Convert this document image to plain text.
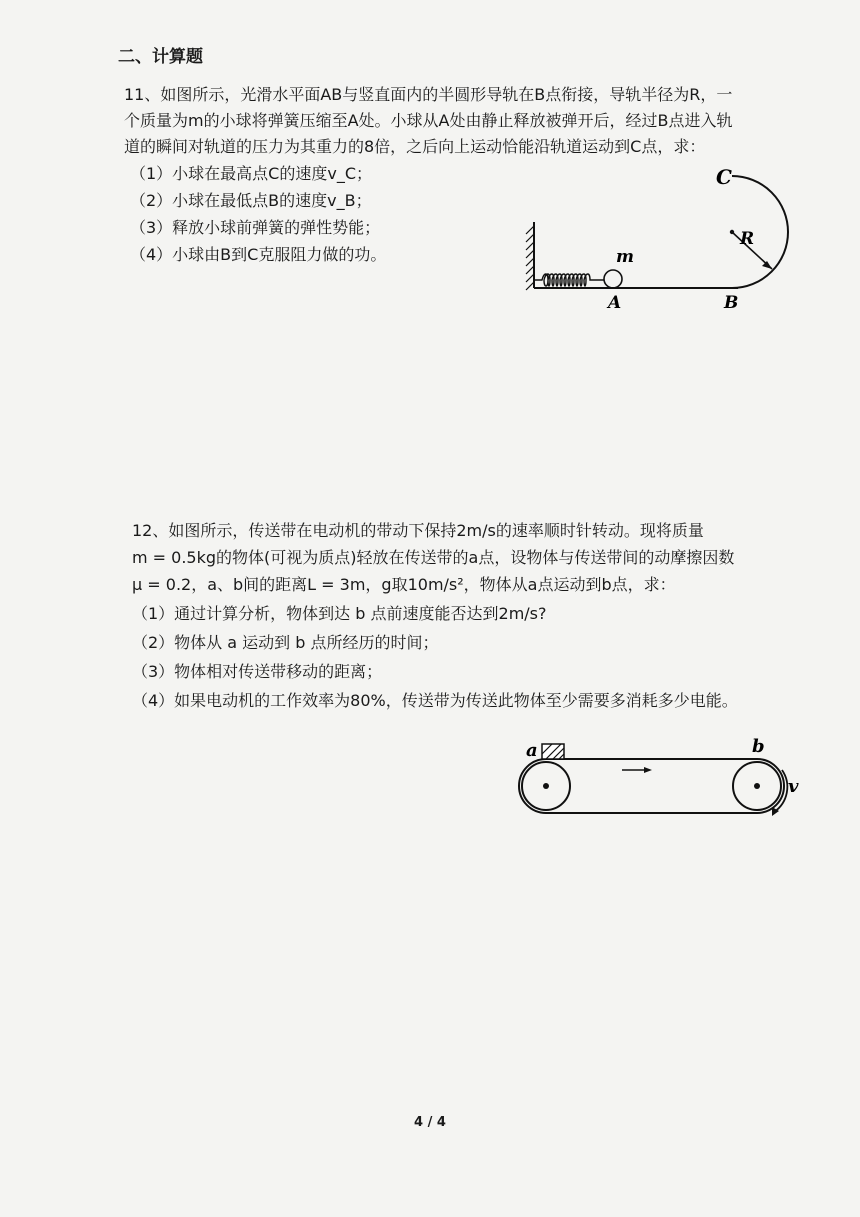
二、计算题
11、如图所示，光滑水平面AB与竖直面内的半圆形导轨在B点衔接，导轨半径为R，一
个质量为m的小球将弹簧压缩至A处。小球从A处由静止释放被弹开后，经过B点进入轨
道的瞬间对轨道的压力为其重力的8倍，之后向上运动恰能沿轨道运动到C点，求：
（1）小球在最高点C的速度v_C；
（2）小球在最低点B的速度v_B；
（3）释放小球前弹簧的弹性势能；
（4）小球由B到C克服阻力做的功。
C
R
m
A	B
12、如图所示，传送带在电动机的带动下保持2m/s的速率顺时针转动。现将质量
m = 0.5kg的物体(可视为质点)轻放在传送带的a点，设物体与传送带间的动摩擦因数
μ = 0.2，a、b间的距离L = 3m，g取10m/s²，物体从a点运动到b点，求：
（1）通过计算分析，物体到达 b 点前速度能否达到2m/s?
（2）物体从 a 运动到 b 点所经历的时间；
（3）物体相对传送带移动的距离；
（4）如果电动机的工作效率为80%，传送带为传送此物体至少需要多消耗多少电能。
a	b
v
4 / 4
